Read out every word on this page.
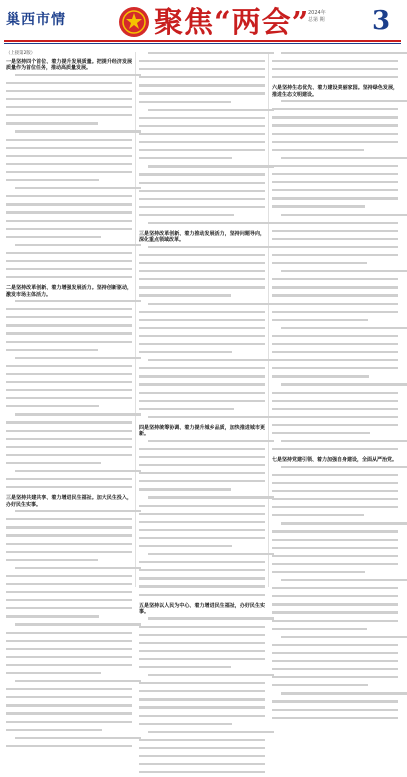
巢西市情	聚焦“两会”
2024年
总第 期	3

（上接第2版）

一是坚持四个首位、着力提升发展质量。把提升经济发展质量作为首位任务，推动高质量发展。

二是坚持改革创新、着力增强发展活力。坚持创新驱动，激发市场主体活力。

三是坚持共建共享、着力增进民生福祉。加大民生投入，办好民生实事。

三是坚持改革创新、着力推动发展活力，坚持问题导向，深化重点领域改革。

四是坚持统筹协调、着力提升城乡品质，加快推进城市更新。

五是坚持以人民为中心、着力增进民生福祉，办好民生实事。

六是坚持生态优先、着力建设美丽家园。坚持绿色发展，推进生态文明建设。

七是坚持党建引领、着力加强自身建设，全面从严治党。
